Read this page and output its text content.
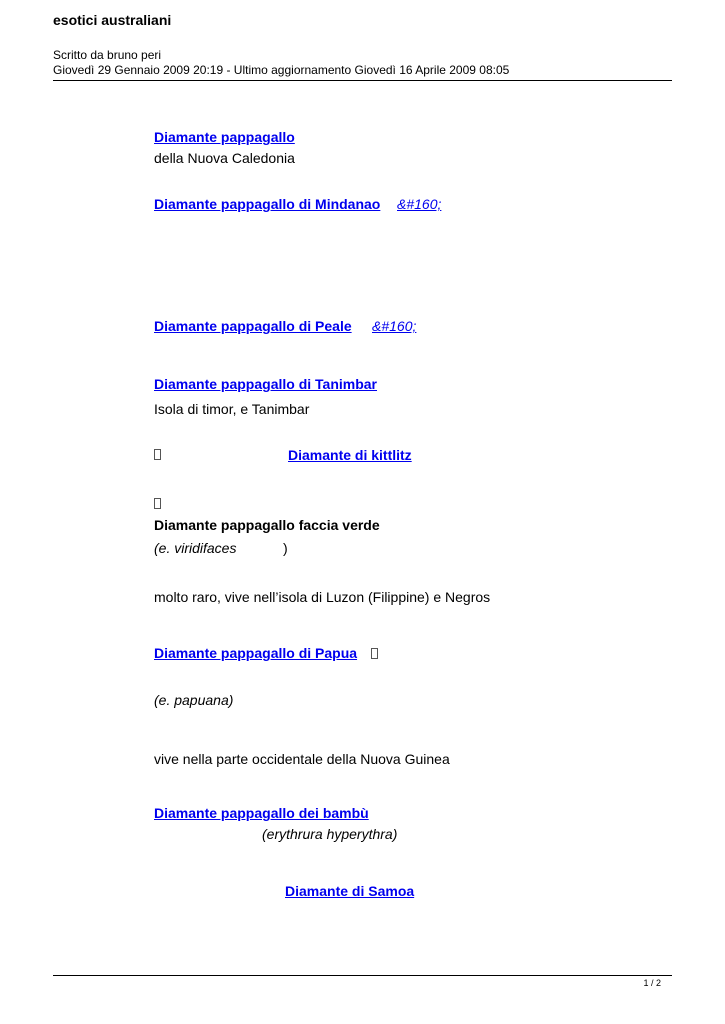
esotici australiani
Scritto da bruno peri
Giovedì 29 Gennaio 2009 20:19 - Ultimo aggiornamento Giovedì 16 Aprile 2009 08:05
Diamante pappagallo
della Nuova Caledonia
Diamante pappagallo di Mindanao &#160;
Diamante pappagallo di Peale &#160;
Diamante pappagallo di Tanimbar
Isola di timor, e Tanimbar
Diamante di kittlitz
Diamante pappagallo faccia verde
(e. viridifaces	)
molto raro, vive nell’isola di Luzon (Filippine) e Negros
Diamante pappagallo di Papua
(e. papuana)
vive nella parte occidentale della Nuova Guinea
Diamante pappagallo dei bambù
(erythrura hyperythra)
Diamante di Samoa
1 / 2
